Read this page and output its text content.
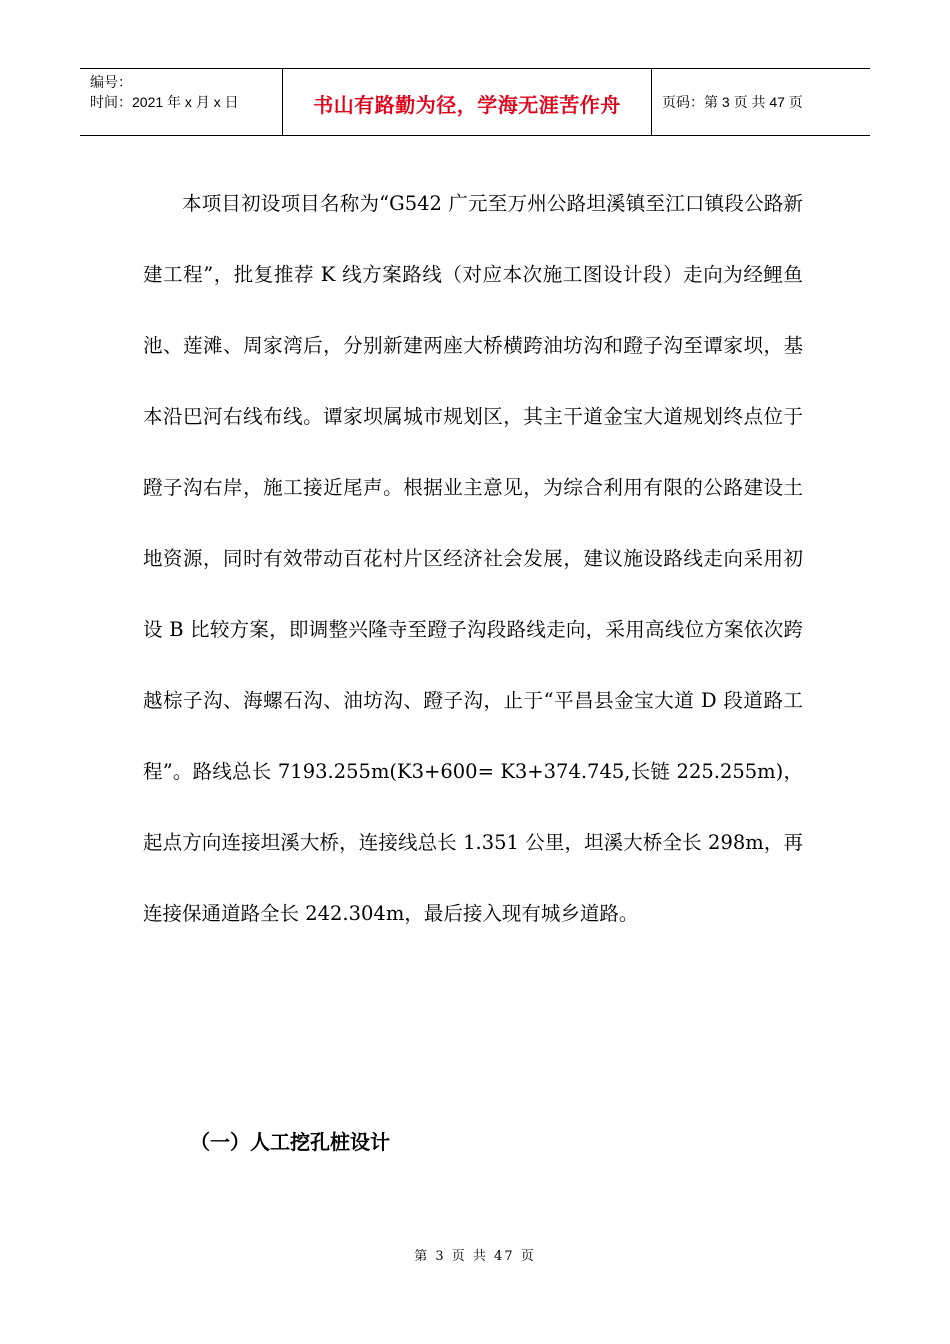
编号：
时间：2021 年 x 月 x 日	书山有路勤为径，学海无涯苦作舟	页码：第 3 页 共 47 页

本项目初设项目名称为“G542 广元至万州公路坦溪镇至江口镇段公路新建工程”，批复推荐 K 线方案路线（对应本次施工图设计段）走向为经鲤鱼池、莲滩、周家湾后，分别新建两座大桥横跨油坊沟和蹬子沟至谭家坝，基本沿巴河右线布线。谭家坝属城市规划区，其主干道金宝大道规划终点位于蹬子沟右岸，施工接近尾声。根据业主意见，为综合利用有限的公路建设土地资源，同时有效带动百花村片区经济社会发展，建议施设路线走向采用初设 B 比较方案，即调整兴隆寺至蹬子沟段路线走向，采用高线位方案依次跨越棕子沟、海螺石沟、油坊沟、蹬子沟，止于“平昌县金宝大道 D 段道路工程”。路线总长 7193.255m(K3+600= K3+374.745,长链 225.255m)，起点方向连接坦溪大桥，连接线总长 1.351 公里，坦溪大桥全长 298m，再连接保通道路全长 242.304m，最后接入现有城乡道路。

（一）人工挖孔桩设计

第 3 页 共 47 页
